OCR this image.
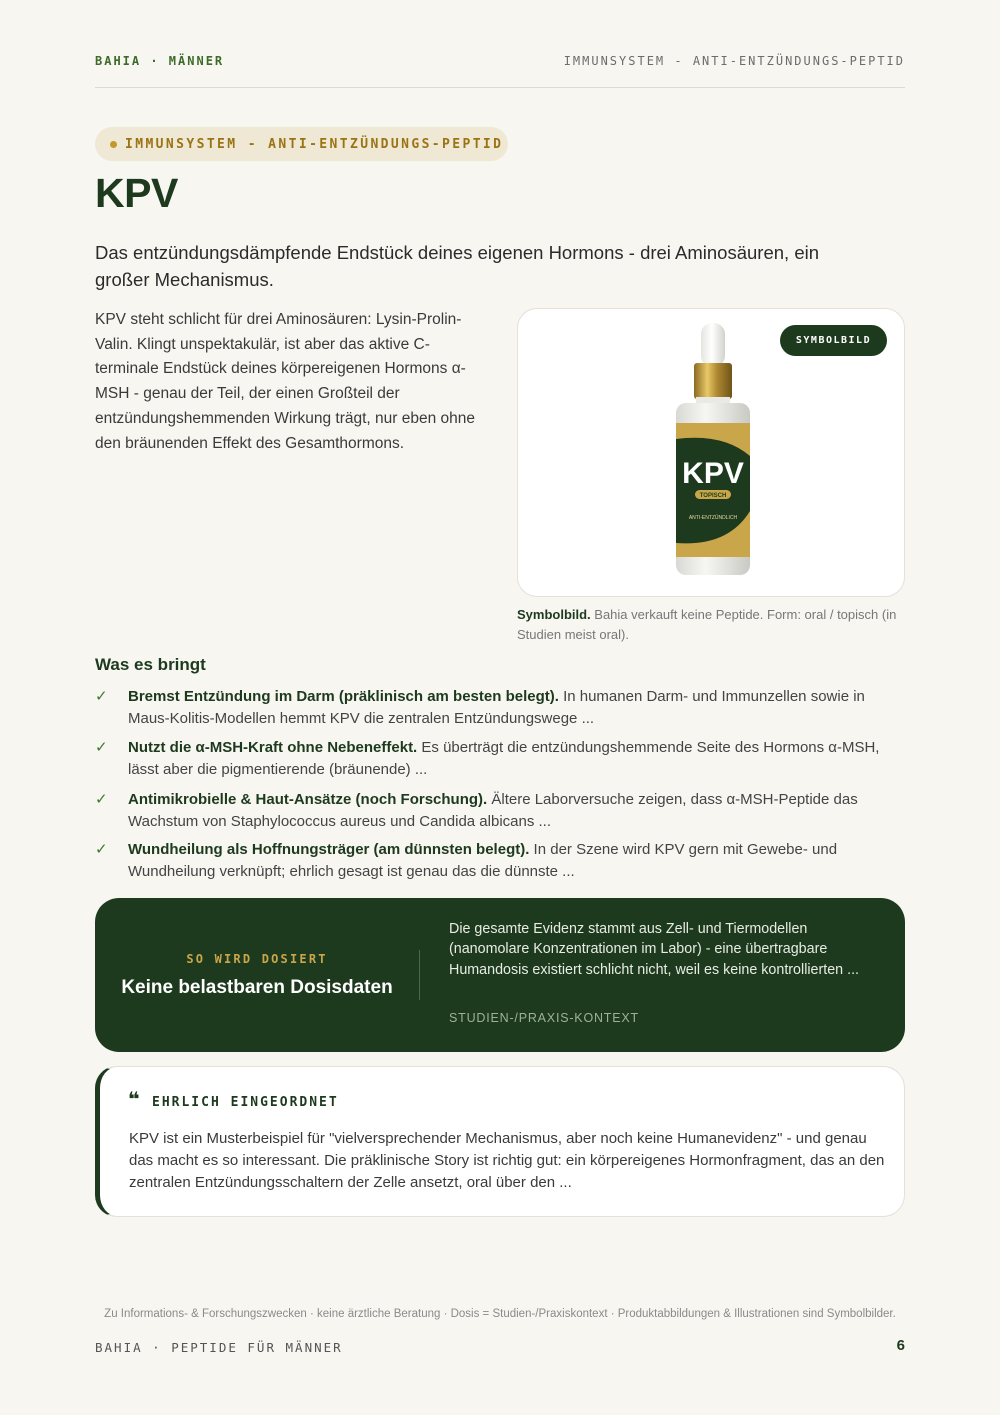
BAHIA · MÄNNER	IMMUNSYSTEM - ANTI-ENTZÜNDUNGS-PEPTID
IMMUNSYSTEM - ANTI-ENTZÜNDUNGS-PEPTID
KPV

Das entzündungsdämpfende Endstück deines eigenen Hormons - drei Aminosäuren, ein großer Mechanismus.

KPV steht schlicht für drei Aminosäuren: Lysin-Prolin-Valin. Klingt unspektakulär, ist aber das aktive C-terminale Endstück deines körpereigenen Hormons α-MSH - genau der Teil, der einen Großteil der entzündungshemmenden Wirkung trägt, nur eben ohne den bräunenden Effekt des Gesamthormons.

SYMBOLBILD
KPV
TOPISCH
ANTI-ENTZÜNDLICH

Symbolbild. Bahia verkauft keine Peptide. Form: oral / topisch (in Studien meist oral).

Was es bringt
✓ Bremst Entzündung im Darm (präklinisch am besten belegt). In humanen Darm- und Immunzellen sowie in Maus-Kolitis-Modellen hemmt KPV die zentralen Entzündungswege ...
✓ Nutzt die α-MSH-Kraft ohne Nebeneffekt. Es überträgt die entzündungshemmende Seite des Hormons α-MSH, lässt aber die pigmentierende (bräunende) ...
✓ Antimikrobielle & Haut-Ansätze (noch Forschung). Ältere Laborversuche zeigen, dass α-MSH-Peptide das Wachstum von Staphylococcus aureus und Candida albicans ...
✓ Wundheilung als Hoffnungsträger (am dünnsten belegt). In der Szene wird KPV gern mit Gewebe- und Wundheilung verknüpft; ehrlich gesagt ist genau das die dünnste ...
SO WIRD DOSIERT
Keine belastbaren Dosisdaten

Die gesamte Evidenz stammt aus Zell- und Tiermodellen (nanomolare Konzentrationen im Labor) - eine übertragbare Humandosis existiert schlicht nicht, weil es keine kontrollierten ...

STUDIEN-/PRAXIS-KONTEXT
❝ EHRLICH EINGEORDNET

KPV ist ein Musterbeispiel für "vielversprechender Mechanismus, aber noch keine Humanevidenz" - und genau das macht es so interessant. Die präklinische Story ist richtig gut: ein körpereigenes Hormonfragment, das an den zentralen Entzündungsschaltern der Zelle ansetzt, oral über den ...

Zu Informations- & Forschungszwecken · keine ärztliche Beratung · Dosis = Studien-/Praxiskontext · Produktabbildungen & Illustrationen sind Symbolbilder.

BAHIA · PEPTIDE FÜR MÄNNER	6
